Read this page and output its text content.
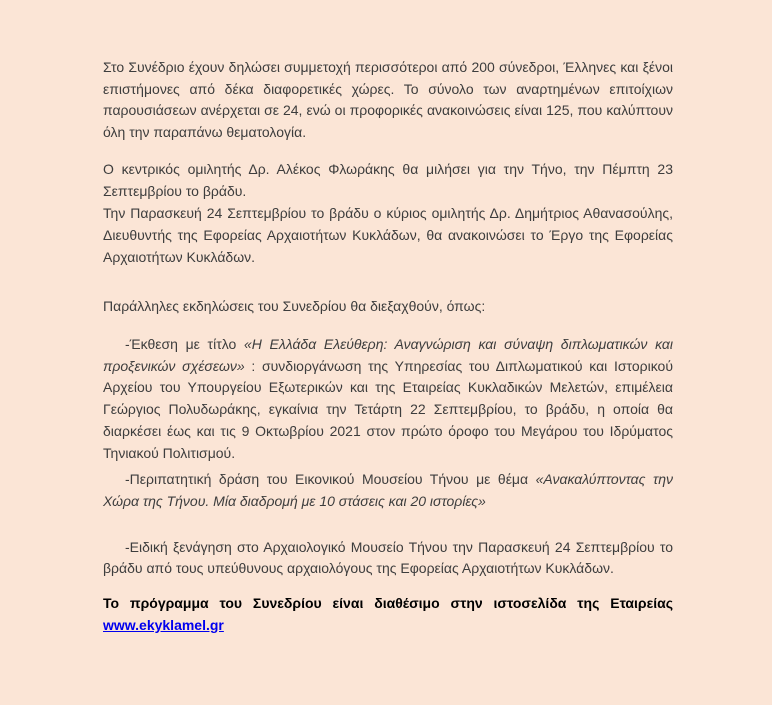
Στο Συνέδριο έχουν δηλώσει συμμετοχή περισσότεροι από 200 σύνεδροι, Έλληνες και ξένοι επιστήμονες από δέκα διαφορετικές χώρες. Το σύνολο των αναρτημένων επιτοίχιων παρουσιάσεων ανέρχεται σε 24, ενώ οι προφορικές ανακοινώσεις είναι 125, που καλύπτουν όλη την παραπάνω θεματολογία.

Ο κεντρικός ομιλητής Δρ. Αλέκος Φλωράκης θα μιλήσει για την Τήνο, την Πέμπτη 23 Σεπτεμβρίου το βράδυ.

Την Παρασκευή 24 Σεπτεμβρίου το βράδυ ο κύριος ομιλητής Δρ. Δημήτριος Αθανασούλης, Διευθυντής της Εφορείας Αρχαιοτήτων Κυκλάδων, θα ανακοινώσει το Έργο της Εφορείας Αρχαιοτήτων Κυκλάδων.

Παράλληλες εκδηλώσεις του Συνεδρίου θα διεξαχθούν, όπως:

-Έκθεση με τίτλο «Η Ελλάδα Ελεύθερη: Αναγνώριση και σύναψη διπλωματικών και προξενικών σχέσεων» : συνδιοργάνωση της Υπηρεσίας του Διπλωματικού και Ιστορικού Αρχείου του Υπουργείου Εξωτερικών και της Εταιρείας Κυκλαδικών Μελετών, επιμέλεια Γεώργιος Πολυδωράκης, εγκαίνια την Τετάρτη 22 Σεπτεμβρίου, το βράδυ, η οποία θα διαρκέσει έως και τις 9 Οκτωβρίου 2021 στον πρώτο όροφο του Μεγάρου του Ιδρύματος Τηνιακού Πολιτισμού.

-Περιπατητική δράση του Εικονικού Μουσείου Τήνου με θέμα «Ανακαλύπτοντας την Χώρα της Τήνου. Μία διαδρομή με 10 στάσεις και 20 ιστορίες»

-Ειδική ξενάγηση στο Αρχαιολογικό Μουσείο Τήνου την Παρασκευή 24 Σεπτεμβρίου το βράδυ από τους υπεύθυνους αρχαιολόγους της Εφορείας Αρχαιοτήτων Κυκλάδων.

Το πρόγραμμα του Συνεδρίου είναι διαθέσιμο στην ιστοσελίδα της Εταιρείας www.ekyklamel.gr
